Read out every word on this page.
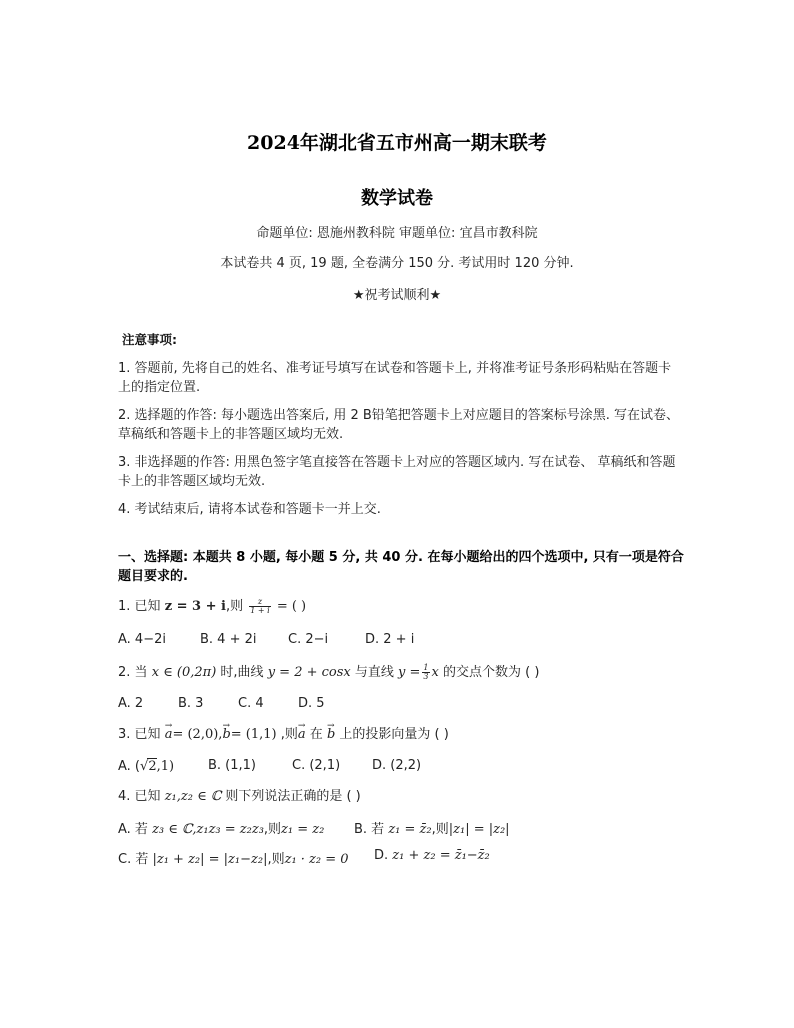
2024年湖北省五市州高一期末联考
数学试卷
命题单位: 恩施州教科院 审题单位: 宜昌市教科院
本试卷共 4 页, 19 题, 全卷满分 150 分. 考试用时 120 分钟.
★祝考试顺利★
注意事项:
1. 答题前, 先将自己的姓名、准考证号填写在试卷和答题卡上, 并将准考证号条形码粘贴在答题卡上的指定位置.
2. 选择题的作答: 每小题选出答案后, 用 2 B铅笔把答题卡上对应题目的答案标号涂黑. 写在试卷、草稿纸和答题卡上的非答题区域均无效.
3. 非选择题的作答: 用黑色签字笔直接答在答题卡上对应的答题区域内. 写在试卷、 草稿纸和答题卡上的非答题区域均无效.
4. 考试结束后, 请将本试卷和答题卡一并上交.
一、选择题: 本题共 8 小题, 每小题 5 分, 共 40 分. 在每小题给出的四个选项中, 只有一项是符合题目要求的.
1. 已知 z = 3 + i,则 $\frac{z}{1 + i}$ = ( )
A. 4−2i	B. 4 + 2i C. 2−i	D. 2 + i
2. 当 x ∈ (0,2π) 时,曲线 y = 2 + cosx 与直线 $y = \frac{1}{3}$ x 的交点个数为 ( )
A. 2	B. 3	C. 4	D. 5
3. 已知 → a= (2,0),→ b= (1,1) ,则→ a 在 → b 上的投影向量为 ( )
A. (√2,1)	B. (1,1)	C. (2,1) D. (2,2)
4. 已知 z₁,z₂ ∈ ℂ 则下列说法正确的是 ( )
A. 若 z₃ ∈ ℂ,z₁z₃ = z₂z₃,则z₁ = z₂ B. 若 z₁ = z̄₂,则|z₁| = |z₂|
C. 若 |z₁ + z₂| = |z₁−z₂|,则z₁ · z₂ = 0 D. z₁ + z₂ = z̄₁−z̄₂
